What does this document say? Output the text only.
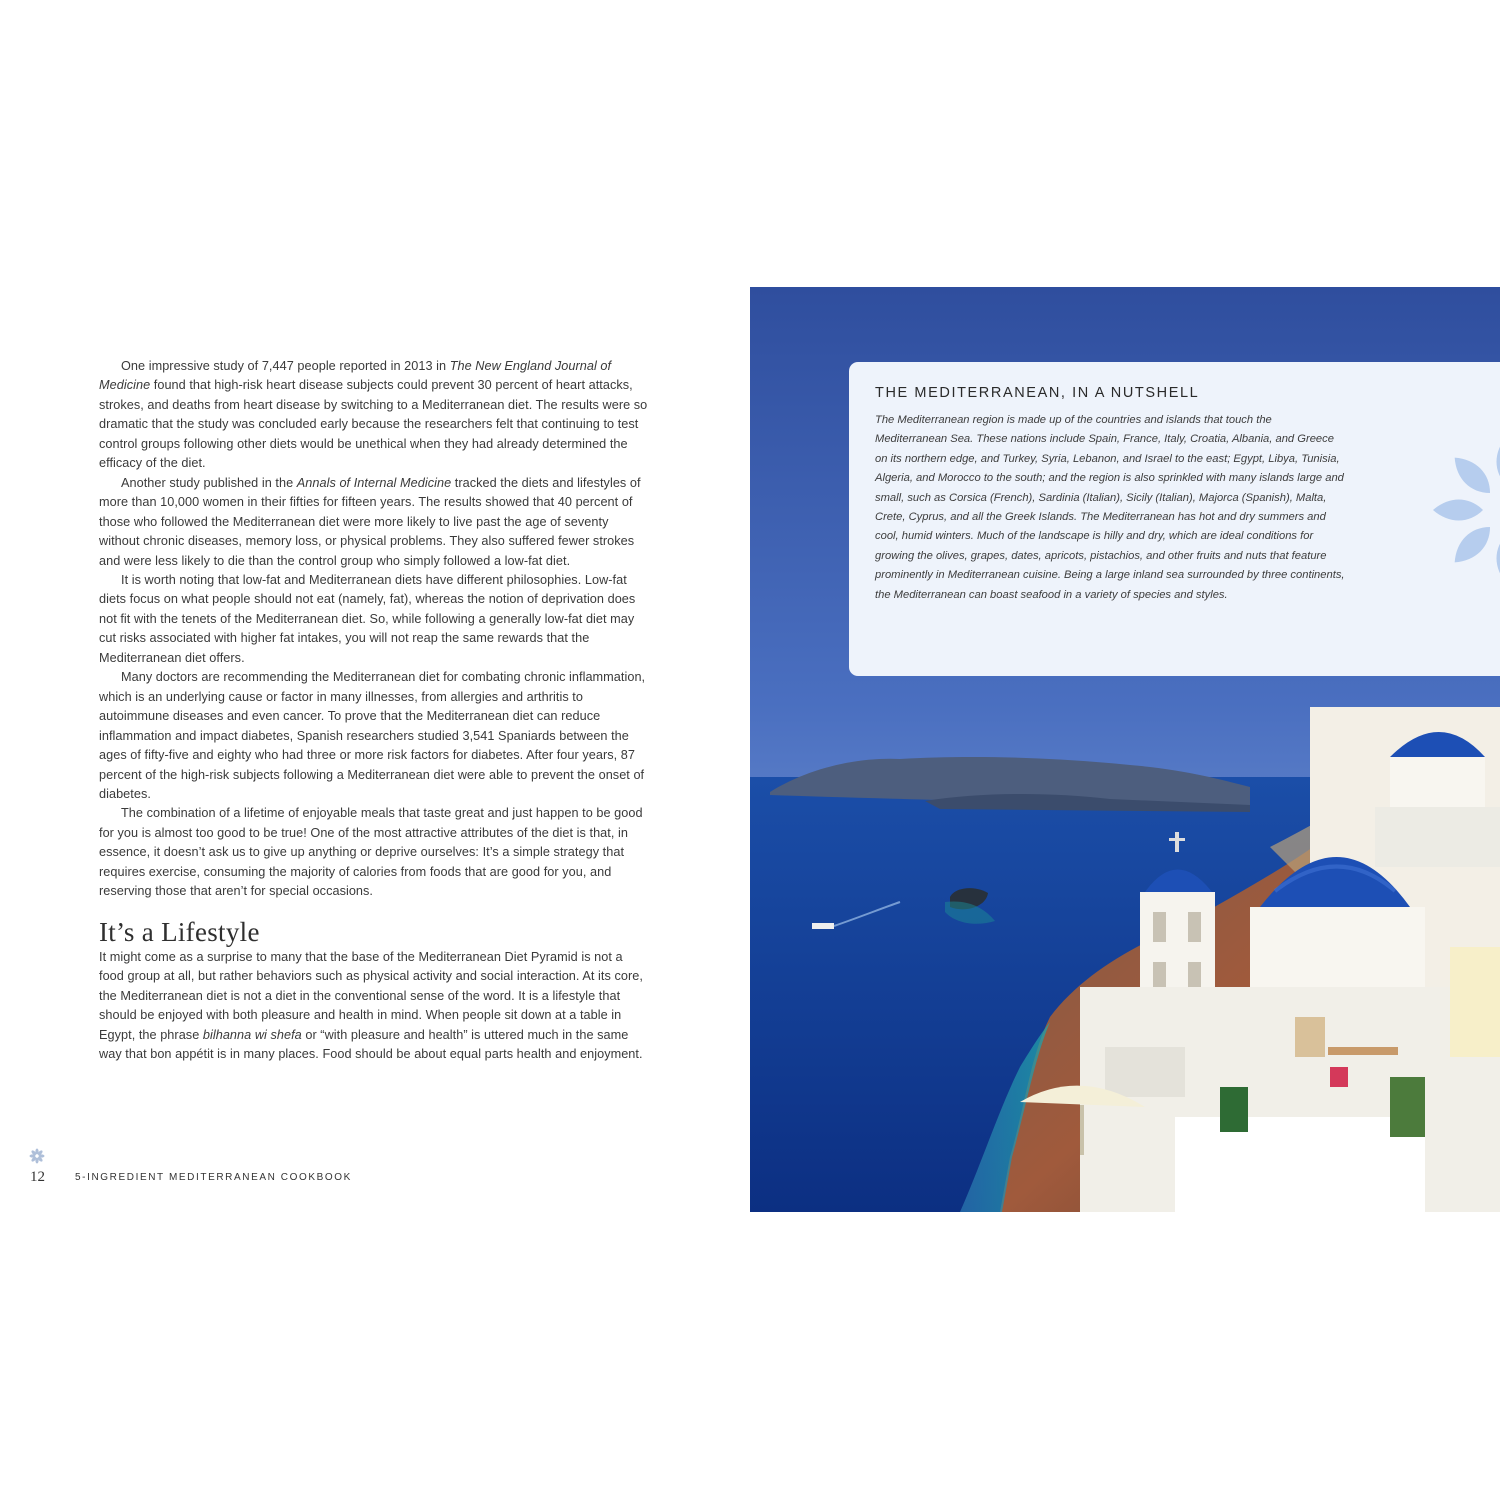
One impressive study of 7,447 people reported in 2013 in The New England Journal of Medicine found that high-risk heart disease subjects could prevent 30 percent of heart attacks, strokes, and deaths from heart disease by switching to a Mediterranean diet. The results were so dramatic that the study was concluded early because the researchers felt that continuing to test control groups following other diets would be unethical when they had already determined the efficacy of the diet.

Another study published in the Annals of Internal Medicine tracked the diets and lifestyles of more than 10,000 women in their fifties for fifteen years. The results showed that 40 percent of those who followed the Mediterranean diet were more likely to live past the age of seventy without chronic diseases, memory loss, or physical problems. They also suffered fewer strokes and were less likely to die than the control group who simply followed a low-fat diet.

It is worth noting that low-fat and Mediterranean diets have different philosophies. Low-fat diets focus on what people should not eat (namely, fat), whereas the notion of deprivation does not fit with the tenets of the Mediterranean diet. So, while following a generally low-fat diet may cut risks associated with higher fat intakes, you will not reap the same rewards that the Mediterranean diet offers.

Many doctors are recommending the Mediterranean diet for combating chronic inflammation, which is an underlying cause or factor in many illnesses, from allergies and arthritis to autoimmune diseases and even cancer. To prove that the Mediterranean diet can reduce inflammation and impact diabetes, Spanish researchers studied 3,541 Spaniards between the ages of fifty-five and eighty who had three or more risk factors for diabetes. After four years, 87 percent of the high-risk subjects following a Mediterranean diet were able to prevent the onset of diabetes.

The combination of a lifetime of enjoyable meals that taste great and just happen to be good for you is almost too good to be true! One of the most attractive attributes of the diet is that, in essence, it doesn’t ask us to give up anything or deprive ourselves: It’s a simple strategy that requires exercise, consuming the majority of calories from foods that are good for you, and reserving those that aren’t for special occasions.

It’s a Lifestyle

It might come as a surprise to many that the base of the Mediterranean Diet Pyramid is not a food group at all, but rather behaviors such as physical activity and social interaction. At its core, the Mediterranean diet is not a diet in the conventional sense of the word. It is a lifestyle that should be enjoyed with both pleasure and health in mind. When people sit down at a table in Egypt, the phrase bilhanna wi shefa or “with pleasure and health” is uttered much in the same way that bon appétit is in many places. Food should be about equal parts health and enjoyment.

12	5-INGREDIENT MEDITERRANEAN COOKBOOK
THE MEDITERRANEAN, IN A NUTSHELL
The Mediterranean region is made up of the countries and islands that touch the Mediterranean Sea. These nations include Spain, France, Italy, Croatia, Albania, and Greece on its northern edge, and Turkey, Syria, Lebanon, and Israel to the east; Egypt, Libya, Tunisia, Algeria, and Morocco to the south; and the region is also sprinkled with many islands large and small, such as Corsica (French), Sardinia (Italian), Sicily (Italian), Majorca (Spanish), Malta, Crete, Cyprus, and all the Greek Islands. The Mediterranean has hot and dry summers and cool, humid winters. Much of the landscape is hilly and dry, which are ideal conditions for growing the olives, grapes, dates, apricots, pistachios, and other fruits and nuts that feature prominently in Mediterranean cuisine. Being a large inland sea surrounded by three continents, the Mediterranean can boast seafood in a variety of species and styles.
